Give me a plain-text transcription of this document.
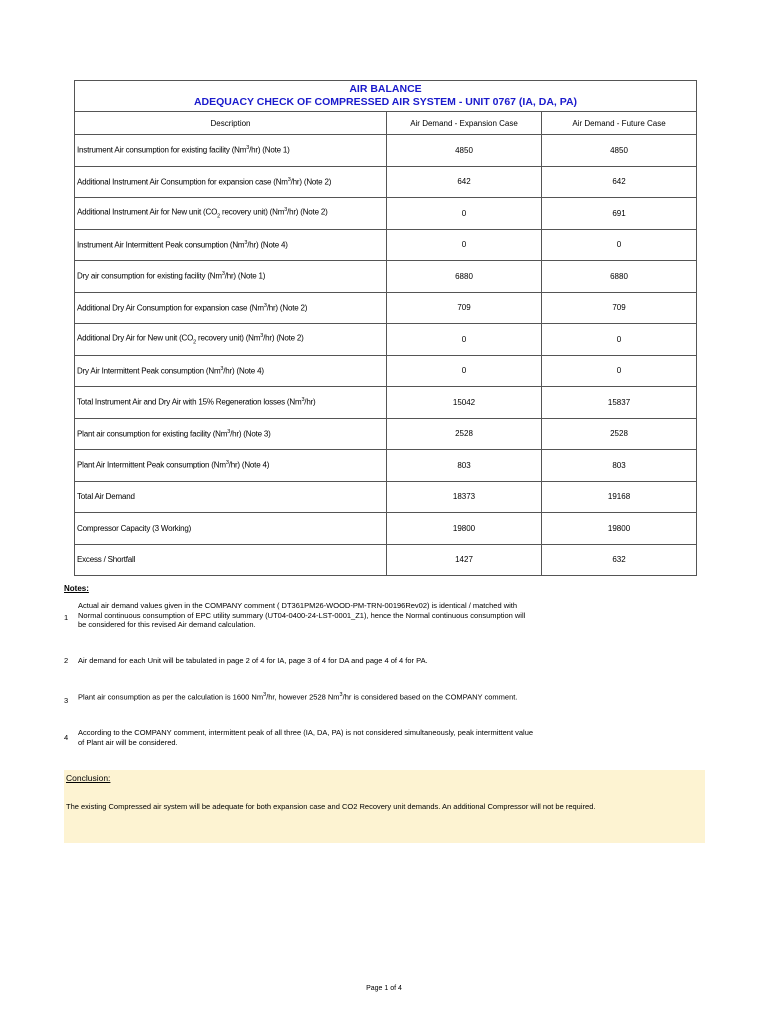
AIR BALANCE
ADEQUACY CHECK OF COMPRESSED AIR SYSTEM - UNIT 0767 (IA, DA, PA)		

Description	Air Demand - Expansion Case	Air Demand - Future Case
Instrument Air consumption for existing facility (Nm$^3$/hr) (Note 1)	4850	4850
Additional Instrument Air Consumption for expansion case (Nm$^3$/hr) (Note 2)	642	642
Additional Instrument Air for New unit ($CO_2$ recovery unit) (Nm$^3$/hr) (Note 2)	0	691
Instrument Air Intermittent Peak consumption (Nm$^3$/hr) (Note 4)	0	0
Dry air consumption for existing facility (Nm$^3$/hr) (Note 1)	6880	6880
Additional Dry Air Consumption for expansion case (Nm$^3$/hr) (Note 2)	709	709
Additional Dry Air for New unit ($CO_2$ recovery unit) (Nm$^3$/hr) (Note 2)	0	0
Dry Air Intermittent Peak consumption (Nm$^3$/hr) (Note 4)	0	0
Total Instrument Air and Dry Air with 15% Regeneration losses (Nm$^3$/hr)	15042	15837
Plant air consumption for existing facility (Nm$^3$/hr) (Note 3)	2528	2528
Plant Air Intermittent Peak consumption (Nm$^3$/hr) (Note 4)	803	803
Total Air Demand	18373	19168
Compressor Capacity (3 Working)	19800	19800
Excess / Shortfall	1427	632
Notes:
1
Actual air demand values given in the COMPANY comment ( DT361PM26-WOOD-PM-TRN-00196Rev02) is identical / matched with Normal continuous consumption of EPC utility summary (UT04-0400-24-LST-0001_Z1), hence the Normal continuous consumption will be considered for this revised Air demand calculation.
2	Air demand for each Unit will be tabulated in page 2 of 4 for IA, page 3 of 4 for DA and page 4 of 4 for PA.
3	Plant air consumption as per the calculation is 1600 Nm$^3$/hr, however 2528 Nm$^3$/hr is considered based on the COMPANY comment.
4
According to the COMPANY comment, intermittent peak of all three (IA, DA, PA) is not considered simultaneously, peak intermittent value of Plant air will be considered.
Conclusion:
The existing Compressed air system will be adequate for both expansion case and CO2 Recovery unit demands. An additional Compressor will not be required.
Page 1 of 4
